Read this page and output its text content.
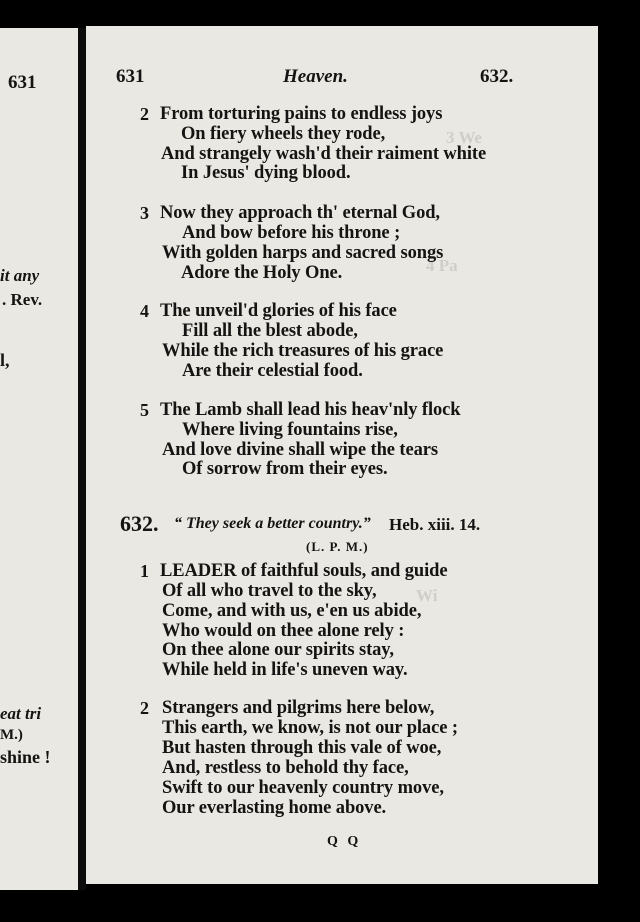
631
it any
. Rev.
l,
eat tri
M.)
shine !
3 We
4 Pa
Wi
631	Heaven.	632.
2 From torturing pains to endless joys
On fiery wheels they rode,
And strangely wash'd their raiment white
In Jesus' dying blood.
3 Now they approach th' eternal God,
And bow before his throne ;
With golden harps and sacred songs
Adore the Holy One.
4 The unveil'd glories of his face
Fill all the blest abode,
While the rich treasures of his grace
Are their celestial food.
5 The Lamb shall lead his heav'nly flock
Where living fountains rise,
And love divine shall wipe the tears
Of sorrow from their eyes.
632. “ They seek a better country.” Heb. xiii. 14.
(L. P. M.)
1 LEADER of faithful souls, and guide
Of all who travel to the sky,
Come, and with us, e'en us abide,
Who would on thee alone rely :
On thee alone our spirits stay,
While held in life's uneven way.
2 Strangers and pilgrims here below,
This earth, we know, is not our place ;
But hasten through this vale of woe,
And, restless to behold thy face,
Swift to our heavenly country move,
Our everlasting home above.
Q Q
